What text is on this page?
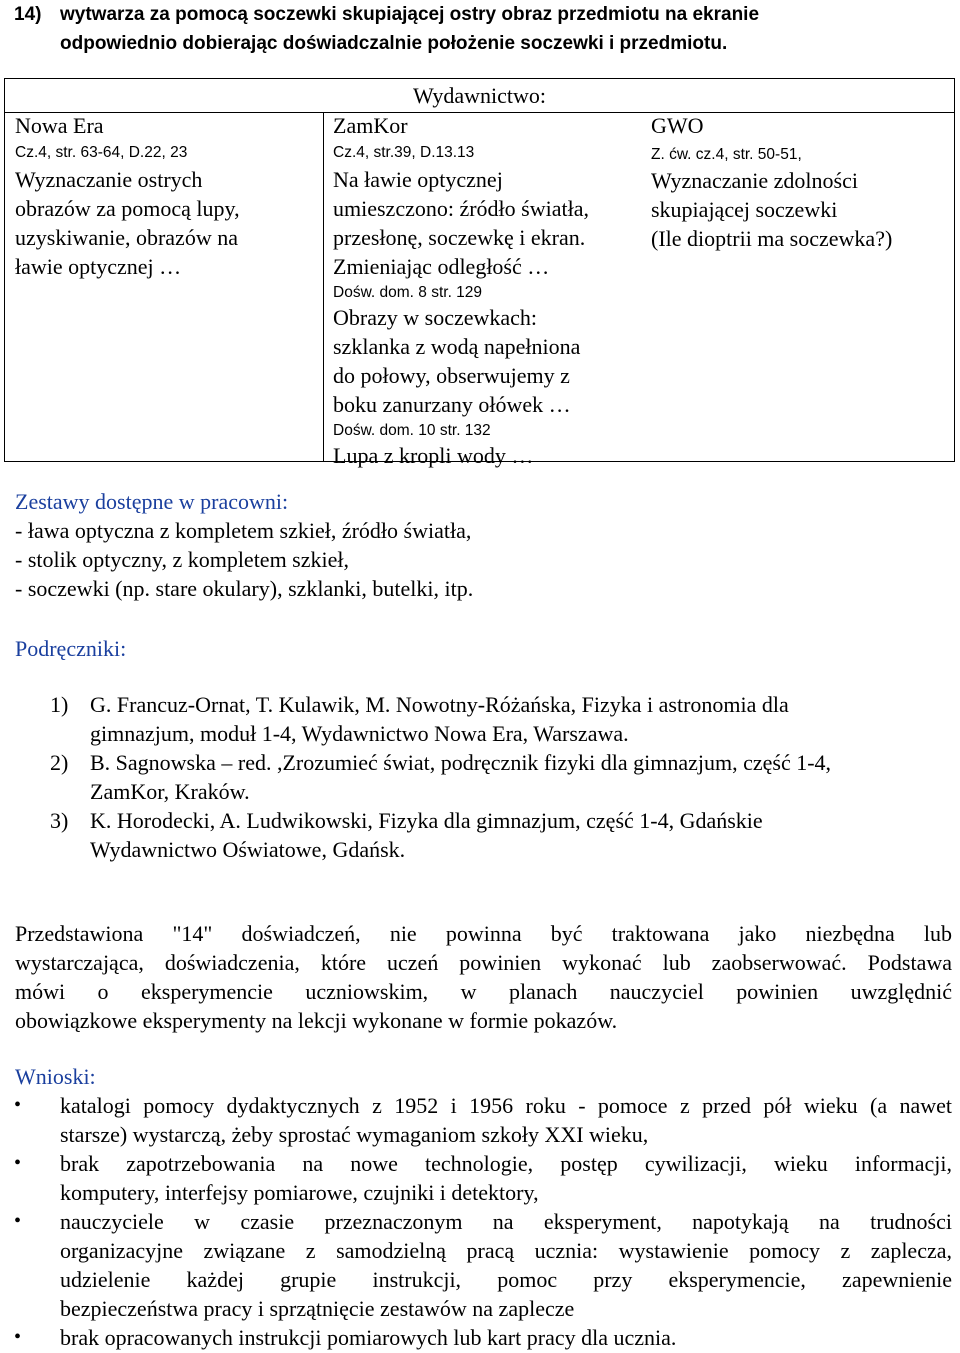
14) wytwarza za pomocą soczewki skupiającej ostry obraz przedmiotu na ekranie
odpowiednio dobierając doświadczalnie położenie soczewki i przedmiotu.
Wydawnictwo:
Nowa Era	ZamKor	GWO
Cz.4, str. 63-64, D.22, 23
Wyznaczanie ostrych
obrazów za pomocą lupy,
uzyskiwanie, obrazów na
ławie optycznej …
Cz.4, str.39, D.13.13
Na ławie optycznej
umieszczono: źródło światła,
przesłonę, soczewkę i ekran.
Zmieniając odległość …
Dośw. dom. 8 str. 129
Obrazy w soczewkach:
szklanka z wodą napełniona
do połowy, obserwujemy z
boku zanurzany ołówek …
Dośw. dom. 10 str. 132
Lupa z kropli wody …
Z. ćw. cz.4, str. 50-51,
Wyznaczanie zdolności
skupiającej soczewki
(Ile dioptrii ma soczewka?)
Zestawy dostępne w pracowni:
- ława optyczna z kompletem szkieł, źródło światła,
- stolik optyczny, z kompletem szkieł,
- soczewki (np. stare okulary), szklanki, butelki, itp.
Podręczniki:
1) G. Francuz-Ornat, T. Kulawik, M. Nowotny-Różańska, Fizyka i astronomia dla
gimnazjum, moduł 1-4, Wydawnictwo Nowa Era, Warszawa.
2) B. Sagnowska – red. ,Zrozumieć świat, podręcznik fizyki dla gimnazjum, część 1-4,
ZamKor, Kraków.
3) K. Horodecki, A. Ludwikowski, Fizyka dla gimnazjum, część 1-4, Gdańskie
Wydawnictwo Oświatowe, Gdańsk.
Przedstawiona "14" doświadczeń, nie powinna być traktowana jako niezbędna lub
wystarczająca, doświadczenia, które uczeń powinien wykonać lub zaobserwować. Podstawa
mówi o eksperymencie uczniowskim, w planach nauczyciel powinien uwzględnić
obowiązkowe eksperymenty na lekcji wykonane w formie pokazów.
Wnioski:
• katalogi pomocy dydaktycznych z 1952 i 1956 roku - pomoce z przed pół wieku (a nawet
starsze) wystarczą, żeby sprostać wymaganiom szkoły XXI wieku,
• brak zapotrzebowania na nowe technologie, postęp cywilizacji, wieku informacji,
komputery, interfejsy pomiarowe, czujniki i detektory,
• nauczyciele w czasie przeznaczonym na eksperyment, napotykają na trudności
organizacyjne związane z samodzielną pracą ucznia: wystawienie pomocy z zaplecza,
udzielenie każdej grupie instrukcji, pomoc przy eksperymencie, zapewnienie
bezpieczeństwa pracy i sprzątnięcie zestawów na zaplecze
• brak opracowanych instrukcji pomiarowych lub kart pracy dla ucznia.
